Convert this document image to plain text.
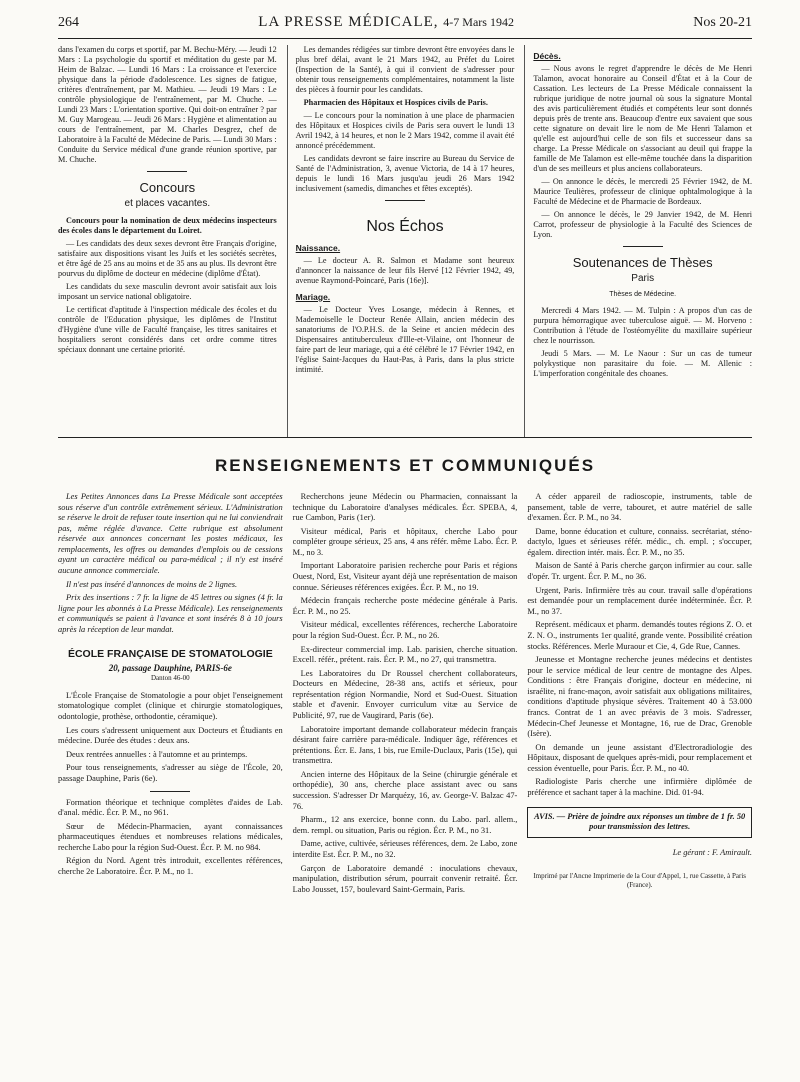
264	LA PRESSE MÉDICALE, 4-7 Mars 1942	Nos 20-21

dans l'examen du corps et sportif, par M. Bechu-Méry. — Jeudi 12 Mars : La psychologie du sportif et méditation du geste par M. Heim de Balzac. — Lundi 16 Mars : La croissance et l'exercice physique dans la période d'adolescence. Les signes de fatigue, critères d'entraînement, par M. Mathieu. — Jeudi 19 Mars : Le contrôle physiologique de l'entraînement, par M. Chuche. — Lundi 23 Mars : L'orientation sportive. Qui doit-on entraîner ? par M. Guy Marogeau. — Jeudi 26 Mars : Hygiène et alimentation au cours de l'entraînement, par M. Charles Desgrez, chef de Laboratoire à la Faculté de Médecine de Paris. — Lundi 30 Mars : Conduite du Service médical d'une grande réunion sportive, par M. Chuche.

Concours
et places vacantes.

Concours pour la nomination de deux médecins inspecteurs des écoles dans le département du Loiret.

— Les candidats des deux sexes devront être Français d'origine, satisfaire aux dispositions visant les Juifs et les sociétés secrètes, et être âgé de 25 ans au moins et de 35 ans au plus. Ils devront être pourvus du diplôme de docteur en médecine (diplôme d'État).

Les candidats du sexe masculin devront avoir satisfait aux lois imposant un service national obligatoire.

Le certificat d'aptitude à l'inspection médicale des écoles et du contrôle de l'Education physique, les diplômes de l'Institut d'Hygiène d'une ville de Faculté française, les titres sanitaires et hospitaliers seront considérés dans cet ordre comme titres spéciaux donnant une certaine priorité.

Les demandes rédigées sur timbre devront être envoyées dans le plus bref délai, avant le 21 Mars 1942, au Préfet du Loiret (Inspection de la Santé), à qui il convient de s'adresser pour obtenir tous renseignements complémentaires, notamment la liste des pièces à fournir pour les candidats.

Pharmacien des Hôpitaux et Hospices civils de Paris.

— Le concours pour la nomination à une place de pharmacien des Hôpitaux et Hospices civils de Paris sera ouvert le lundi 13 Avril 1942, à 14 heures, et non le 2 Mars 1942, comme il avait été annoncé précédemment.

Les candidats devront se faire inscrire au Bureau du Service de Santé de l'Administration, 3, avenue Victoria, de 14 à 17 heures, depuis le lundi 16 Mars jusqu'au jeudi 26 Mars 1942 inclusivement (samedis, dimanches et fêtes exceptés).

Nos Échos
Naissance.

— Le docteur A. R. Salmon et Madame sont heureux d'annoncer la naissance de leur fils Hervé [12 Février 1942, 49, avenue Raymond-Poincaré, Paris (16e)].

Mariage.

— Le Docteur Yves Losange, médecin à Rennes, et Mademoiselle le Docteur Renée Allain, ancien médecin des sanatoriums de l'O.P.H.S. de la Seine et ancien médecin des Dispensaires antituberculeux d'Ille-et-Vilaine, ont l'honneur de faire part de leur mariage, qui a été célébré le 17 Février 1942, en l'église Saint-Jacques du Haut-Pas, à Paris, dans la plus stricte intimité.

Décès.

— Nous avons le regret d'apprendre le décès de Me Henri Talamon, avocat honoraire au Conseil d'État et à la Cour de Cassation. Les lecteurs de La Presse Médicale connaissent la rubrique juridique de notre journal où sous la signature Montal des avis particulièrement étudiés et compétents leur sont donnés depuis près de trente ans. Beaucoup d'entre eux savaient que sous cette signature on devait lire le nom de Me Henri Talamon et qu'elle est aujourd'hui celle de son fils et successeur dans sa charge. La Presse Médicale on s'associant au deuil qui frappe la famille de Me Talamon est elle-même touchée dans la disparition d'un de ses meilleurs et plus anciens collaborateurs.

— On annonce le décès, le mercredi 25 Février 1942, de M. Maurice Teulières, professeur de clinique ophtalmologique à la Faculté de Médecine et de Pharmacie de Bordeaux.

— On annonce le décès, le 29 Janvier 1942, de M. Henri Carrot, professeur de physiologie à la Faculté des Sciences de Lyon.

Soutenances de Thèses
Paris
Thèses de Médecine.

Mercredi 4 Mars 1942. — M. Tulpin : A propos d'un cas de purpura hémorragique avec tuberculose aiguë. — M. Horveno : Contribution à l'étude de l'ostéomyélite du maxillaire supérieur chez le nourrisson.

Jeudi 5 Mars. — M. Le Naour : Sur un cas de tumeur polykystique non parasitaire du foie. — M. Allenic : L'imperforation congénitale des choanes.

RENSEIGNEMENTS ET COMMUNIQUÉS

Les Petites Annonces dans La Presse Médicale sont acceptées sous réserve d'un contrôle extrêmement sérieux. L'Administration se réserve le droit de refuser toute insertion qui ne lui conviendrait pas, même réglée d'avance. Cette rubrique est absolument réservée aux annonces concernant les postes médicaux, les remplacements, les offres ou demandes d'emplois ou de cessions ayant un caractère médical ou para-médical ; il n'y est inséré aucune annonce commerciale.

Il n'est pas inséré d'annonces de moins de 2 lignes.

Prix des insertions : 7 fr. la ligne de 45 lettres ou signes (4 fr. la ligne pour les abonnés à La Presse Médicale). Les renseignements et communiqués se paient à l'avance et sont insérés 8 à 10 jours après la réception de leur mandat.

ÉCOLE FRANÇAISE DE STOMATOLOGIE
20, passage Dauphine, PARIS-6e
Danton 46-00

L'École Française de Stomatologie a pour objet l'enseignement stomatologique complet (clinique et chirurgie stomatologiques, odontologie, prothèse, orthodontie, céramique).

Les cours s'adressent uniquement aux Docteurs et Étudiants en médecine. Durée des études : deux ans.

Deux rentrées annuelles : à l'automne et au printemps.

Pour tous renseignements, s'adresser au siège de l'École, 20, passage Dauphine, Paris (6e).

Formation théorique et technique complètes d'aides de Lab. d'anal. médic. Écr. P. M., no 961.

Sœur de Médecin-Pharmacien, ayant connaissances pharmaceutiques étendues et nombreuses relations médicales, recherche Labo pour la région Sud-Ouest. Écr. P. M. no 984.

Région du Nord. Agent très introduit, excellentes références, cherche 2e Laboratoire. Écr. P. M., no 1.

Recherchons jeune Médecin ou Pharmacien, connaissant la technique du Laboratoire d'analyses médicales. Écr. SPEBA, 4, rue Cambon, Paris (1er).

Visiteur médical, Paris et hôpitaux, cherche Labo pour compléter groupe sérieux, 25 ans, 4 ans référ. même Labo. Écr. P. M., no 3.

Important Laboratoire parisien recherche pour Paris et régions Ouest, Nord, Est, Visiteur ayant déjà une représentation de maison connue. Sérieuses références exigées. Écr. P. M., no 19.

Médecin français recherche poste médecine générale à Paris. Écr. P. M., no 25.

Visiteur médical, excellentes références, recherche Laboratoire pour la région Sud-Ouest. Écr. P. M., no 26.

Ex-directeur commercial imp. Lab. parisien, cherche situation. Excell. référ., prétent. rais. Écr. P. M., no 27, qui transmettra.

Les Laboratoires du Dr Roussel cherchent collaborateurs, Docteurs en Médecine, 28-38 ans, actifs et sérieux, pour représentation région Normandie, Nord et Sud-Ouest. Situation stable et d'avenir. Envoyer curriculum vitæ au Service de Publicité, 97, rue de Vaugirard, Paris (6e).

Laboratoire important demande collaborateur médecin français désirant faire carrière para-médicale. Indiquer âge, références et prétentions. Écr. E. Jans, 1 bis, rue Emile-Duclaux, Paris (15e), qui transmettra.

Ancien interne des Hôpitaux de la Seine (chirurgie générale et orthopédie), 30 ans, cherche place assistant avec ou sans succession. S'adresser Dr Marquézy, 16, av. George-V. Balzac 47-76.

Pharm., 12 ans exercice, bonne conn. du Labo. parl. allem., dem. rempl. ou situation, Paris ou région. Écr. P. M., no 31.

Dame, active, cultivée, sérieuses références, dem. 2e Labo, zone interdite Est. Écr. P. M., no 32.

Garçon de Laboratoire demandé : inoculations chevaux, manipulation, distribution sérum, pourrait convenir retraité. Écr. Labo Jousset, 157, boulevard Saint-Germain, Paris.

A céder appareil de radioscopie, instruments, table de pansement, table de verre, tabouret, et autre matériel de salle d'examen. Écr. P. M., no 34.

Dame, bonne éducation et culture, connaiss. secrétariat, sténo-dactylo, lgues et sérieuses référ. médic., ch. empl. ; s'occuper, égalem. direction intér. mais. Écr. P. M., no 35.

Maison de Santé à Paris cherche garçon infirmier au cour. salle d'opér. Tr. urgent. Écr. P. M., no 36.

Urgent, Paris. Infirmière très au cour. travail salle d'opérations est demandée pour un remplacement durée indéterminée. Écr. P. M., no 37.

Représent. médicaux et pharm. demandés toutes régions Z. O. et Z. N. O., instruments 1er qualité, grande vente. Possibilité création stocks. Références. Merle Muraour et Cie, 4, Gde Rue, Cannes.

Jeunesse et Montagne recherche jeunes médecins et dentistes pour le service médical de leur centre de montagne des Alpes. Conditions : être Français d'origine, docteur en médecine, ni israélite, ni franc-maçon, avoir satisfait aux obligations militaires, conditions d'aptitude physique sévères. Traitement 40 à 53.000 francs. Contrat de 1 an avec préavis de 3 mois. S'adresser, Médecin-Chef Jeunesse et Montagne, 16, rue de Drac, Grenoble (Isère).

On demande un jeune assistant d'Electroradiologie des Hôpitaux, disposant de quelques après-midi, pour remplacement et cession éventuelle, pour Paris. Écr. P. M., no 40.

Radiologiste Paris cherche une infirmière diplômée de préférence et sachant taper à la machine. Did. 01-94.

AVIS. — Prière de joindre aux réponses un timbre de 1 fr. 50 pour transmission des lettres.
Le gérant : F. Amirault.
Imprimé par l'Ancne Imprimerie de la Cour d'Appel, 1, rue Cassette, à Paris (France).
